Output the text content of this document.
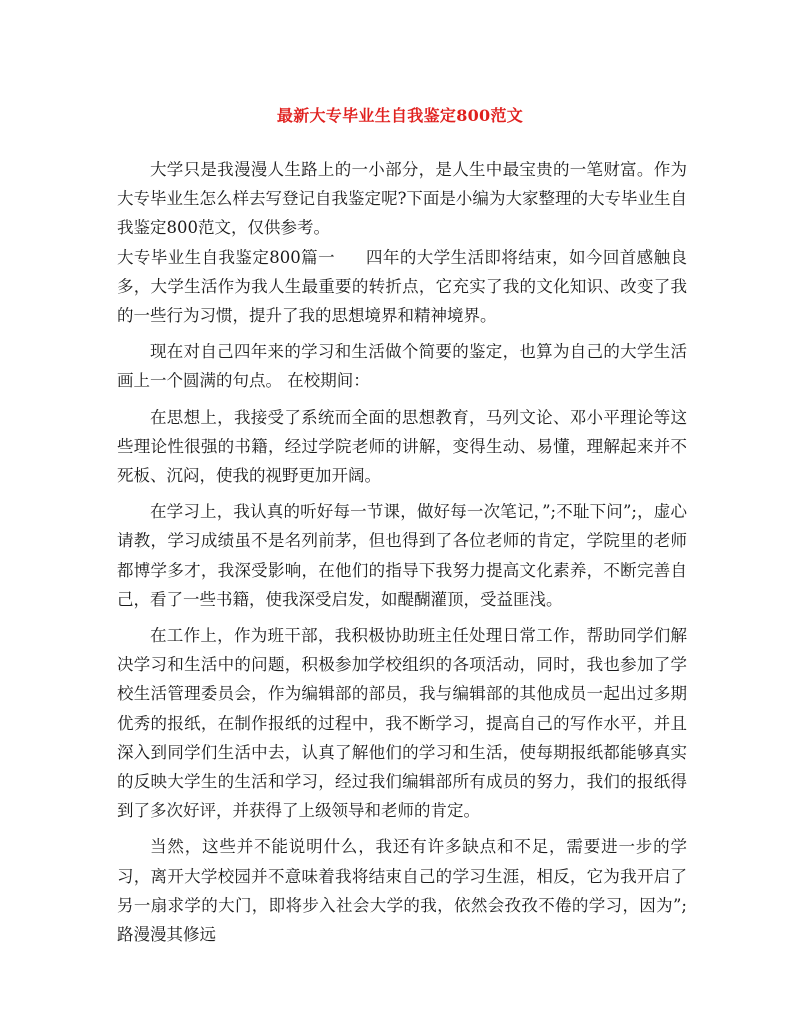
最新大专毕业生自我鉴定800范文

大学只是我漫漫人生路上的一小部分，是人生中最宝贵的一笔财富。作为大专毕业生怎么样去写登记自我鉴定呢?下面是小编为大家整理的大专毕业生自我鉴定800范文，仅供参考。

大专毕业生自我鉴定800篇一 四年的大学生活即将结束，如今回首感触良多，大学生活作为我人生最重要的转折点，它充实了我的文化知识、改变了我的一些行为习惯，提升了我的思想境界和精神境界。

现在对自己四年来的学习和生活做个简要的鉴定，也算为自己的大学生活画上一个圆满的句点。 在校期间：

在思想上，我接受了系统而全面的思想教育，马列文论、邓小平理论等这些理论性很强的书籍，经过学院老师的讲解，变得生动、易懂，理解起来并不死板、沉闷，使我的视野更加开阔。

在学习上，我认真的听好每一节课，做好每一次笔记，”;不耻下问”;，虚心请教，学习成绩虽不是名列前茅，但也得到了各位老师的肯定，学院里的老师都博学多才，我深受影响，在他们的指导下我努力提高文化素养，不断完善自己，看了一些书籍，使我深受启发，如醍醐灌顶，受益匪浅。

在工作上，作为班干部，我积极协助班主任处理日常工作，帮助同学们解决学习和生活中的问题，积极参加学校组织的各项活动，同时，我也参加了学校生活管理委员会，作为编辑部的部员，我与编辑部的其他成员一起出过多期优秀的报纸，在制作报纸的过程中，我不断学习，提高自己的写作水平，并且深入到同学们生活中去，认真了解他们的学习和生活，使每期报纸都能够真实的反映大学生的生活和学习，经过我们编辑部所有成员的努力，我们的报纸得到了多次好评，并获得了上级领导和老师的肯定。

当然，这些并不能说明什么，我还有许多缺点和不足，需要进一步的学习，离开大学校园并不意味着我将结束自己的学习生涯，相反，它为我开启了另一扇求学的大门，即将步入社会大学的我，依然会孜孜不倦的学习，因为”;路漫漫其修远
